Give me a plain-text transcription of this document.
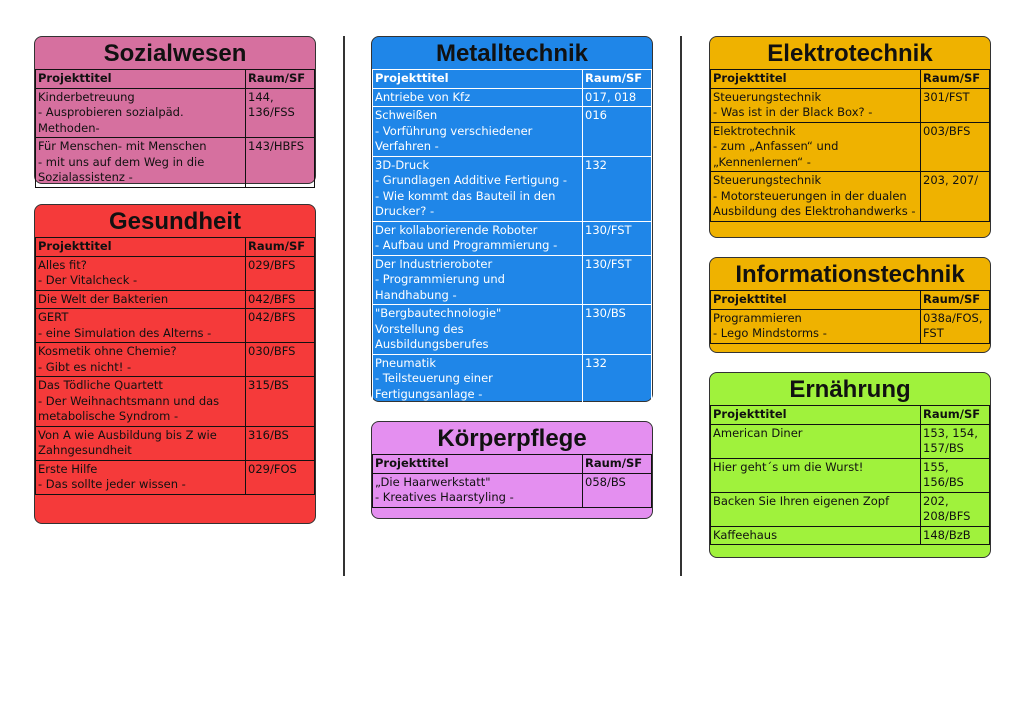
Sozialwesen
Projekttitel	Raum/SF
Kinderbetreuung
- Ausprobieren sozialpäd. Methoden-	144,
136/FSS
Für Menschen- mit Menschen
- mit uns auf dem Weg in die
Sozialassistenz -	143/HBFS
Gesundheit
Projekttitel	Raum/SF
Alles fit?
- Der Vitalcheck -	029/BFS
Die Welt der Bakterien	042/BFS
GERT
- eine Simulation des Alterns -	042/BFS
Kosmetik ohne Chemie?
- Gibt es nicht! -	030/BFS
Das Tödliche Quartett
- Der Weihnachtsmann und das
metabolische Syndrom -	315/BS
Von A wie Ausbildung bis Z wie
Zahngesundheit	316/BS
Erste Hilfe
- Das sollte jeder wissen -	029/FOS
Metalltechnik
Projekttitel	Raum/SF
Antriebe von Kfz	017, 018
Schweißen
- Vorführung verschiedener
Verfahren -	016
3D-Druck
- Grundlagen Additive Fertigung -
- Wie kommt das Bauteil in den
Drucker? -	132
Der kollaborierende Roboter
- Aufbau und Programmierung -	130/FST
Der Industrieroboter
- Programmierung und Handhabung -	130/FST
"Bergbautechnologie"
Vorstellung des Ausbildungsberufes	130/BS
Pneumatik
- Teilsteuerung einer
Fertigungsanlage -	132
Körperpflege
Projekttitel	Raum/SF
„Die Haarwerkstatt"
- Kreatives Haarstyling -	058/BS
Elektrotechnik
Projekttitel	Raum/SF
Steuerungstechnik
- Was ist in der Black Box? -	301/FST
Elektrotechnik
- zum „Anfassen“ und
„Kennenlernen“ -	003/BFS
Steuerungstechnik
- Motorsteuerungen in der dualen
Ausbildung des Elektrohandwerks -	203, 207/
Informationstechnik
Projekttitel	Raum/SF
Programmieren
- Lego Mindstorms -	038a/FOS,
FST
Ernährung
Projekttitel	Raum/SF
American Diner	153, 154,
157/BS
Hier geht´s um die Wurst!	155,
156/BS
Backen Sie Ihren eigenen Zopf	202,
208/BFS
Kaffeehaus	148/BzB
